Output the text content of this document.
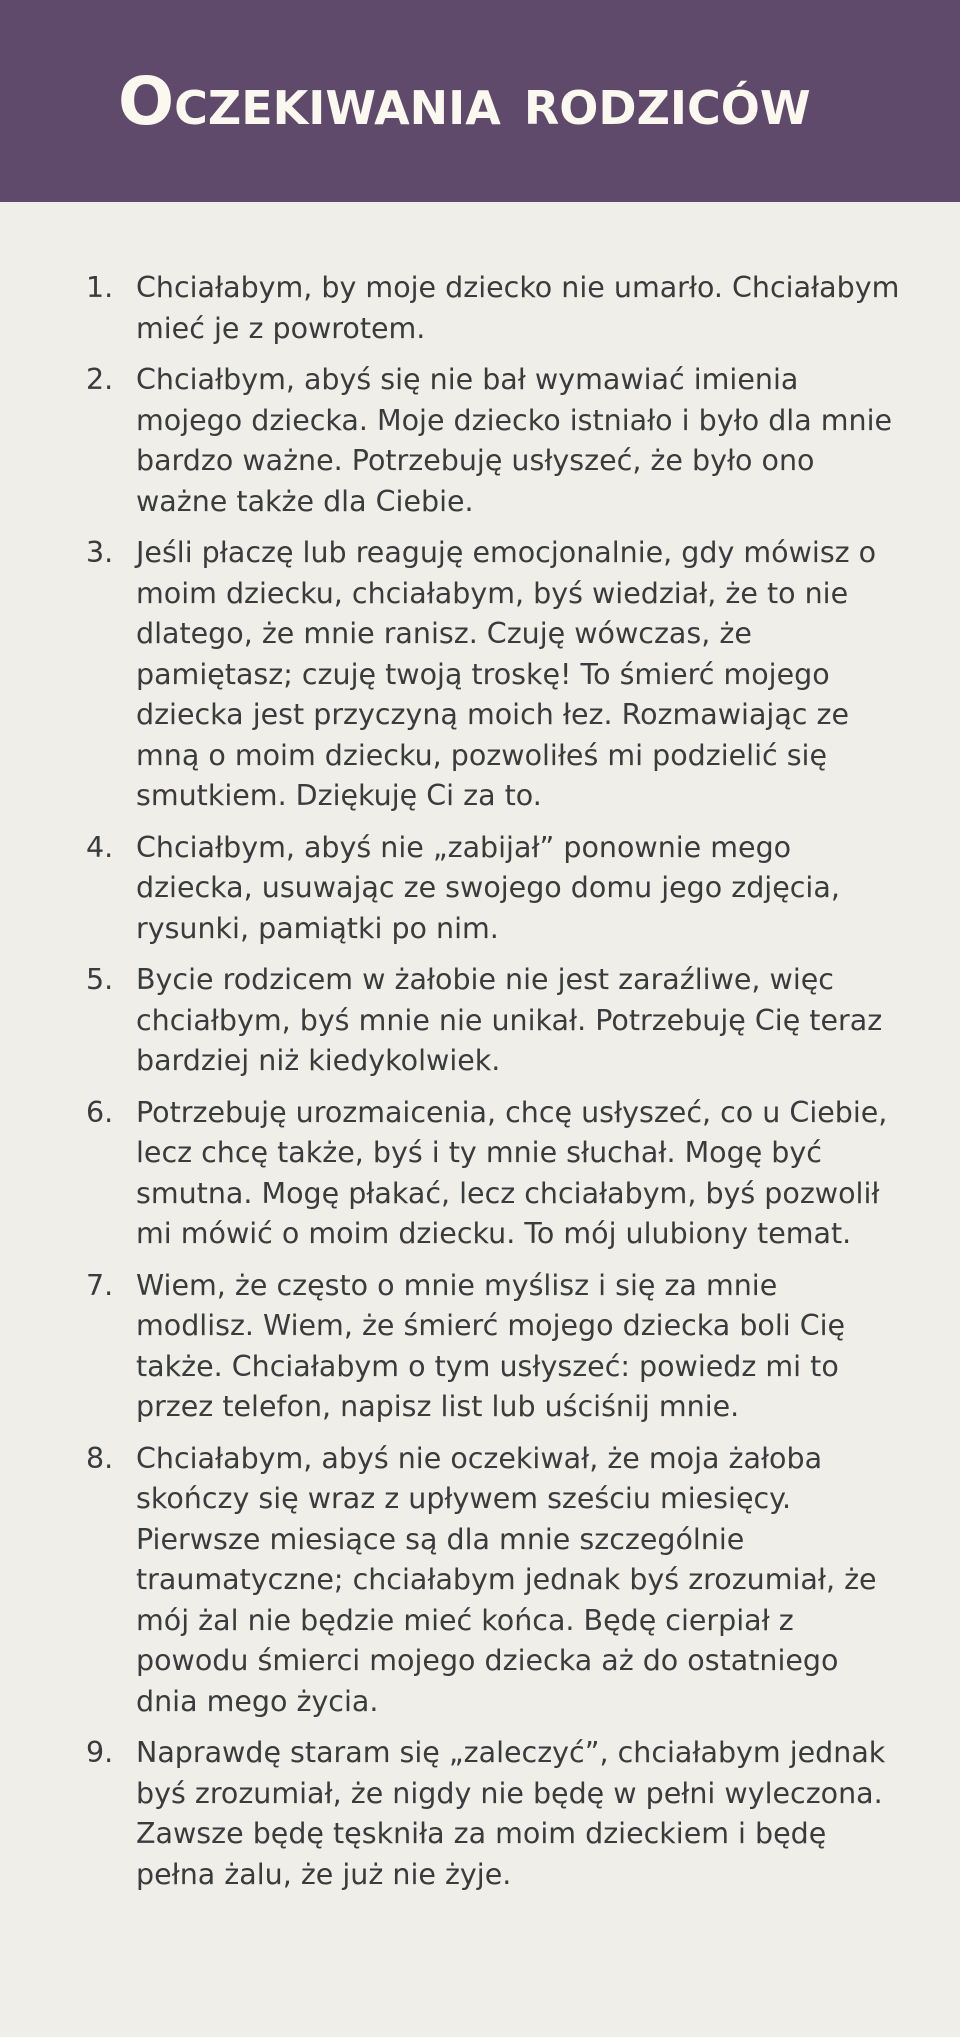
Oczekiwania rodziców
1. Chciałabym, by moje dziecko nie umarło. Chciałabym mieć je z powrotem.
2. Chciałbym, abyś się nie bał wymawiać imienia mojego dziecka. Moje dziecko istniało i było dla mnie bardzo ważne. Potrzebuję usłyszeć, że było ono ważne także dla Ciebie.
3. Jeśli płaczę lub reaguję emocjonalnie, gdy mówisz o moim dziecku, chciałabym, byś wiedział, że to nie dlatego, że mnie ranisz. Czuję wówczas, że pamiętasz; czuję twoją troskę! To śmierć mojego dziecka jest przyczyną moich łez. Rozmawiając ze mną o moim dziecku, pozwoliłeś mi podzielić się smutkiem. Dziękuję Ci za to.
4. Chciałbym, abyś nie „zabijał” ponownie mego dziecka, usuwając ze swojego domu jego zdjęcia, rysunki, pamiątki po nim.
5. Bycie rodzicem w żałobie nie jest zaraźliwe, więc chciałbym, byś mnie nie unikał. Potrzebuję Cię teraz bardziej niż kiedykolwiek.
6. Potrzebuję urozmaicenia, chcę usłyszeć, co u Ciebie, lecz chcę także, byś i ty mnie słuchał. Mogę być smutna. Mogę płakać, lecz chciałabym, byś pozwolił mi mówić o moim dziecku. To mój ulubiony temat.
7. Wiem, że często o mnie myślisz i się za mnie modlisz. Wiem, że śmierć mojego dziecka boli Cię także. Chciałabym o tym usłyszeć: powiedz mi to przez telefon, napisz list lub uściśnij mnie.
8. Chciałabym, abyś nie oczekiwał, że moja żałoba skończy się wraz z upływem sześciu miesięcy. Pierwsze miesiące są dla mnie szczególnie traumatyczne; chciałabym jednak byś zrozumiał, że mój żal nie będzie mieć końca. Będę cierpiał z powodu śmierci mojego dziecka aż do ostatniego dnia mego życia.
9. Naprawdę staram się „zaleczyć”, chciałabym jednak byś zrozumiał, że nigdy nie będę w pełni wyleczona. Zawsze będę tęskniła za moim dzieckiem i będę pełna żalu, że już nie żyje.
